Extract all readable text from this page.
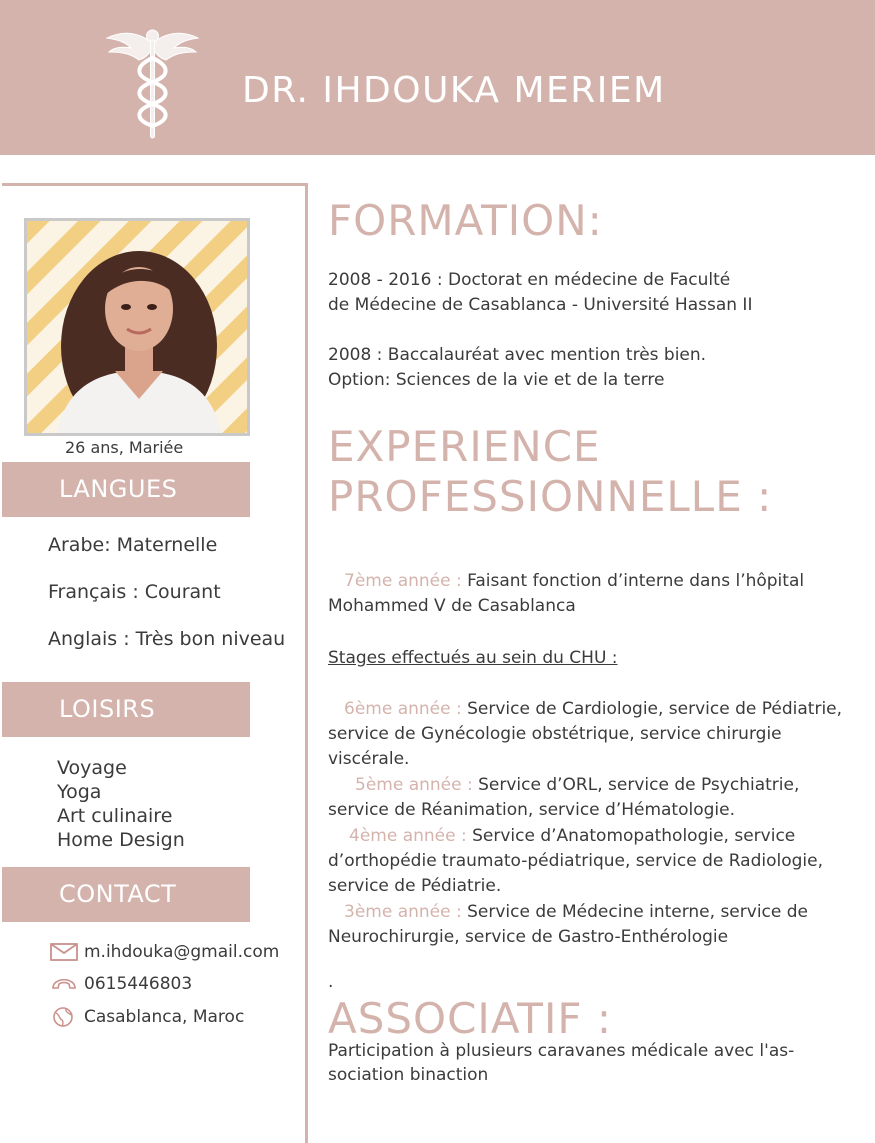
DR. IHDOUKA MERIEM
26 ans, Mariée
LANGUES
Arabe: Maternelle
Français : Courant
Anglais : Très bon niveau
LOISIRS
Voyage
Yoga
Art culinaire
Home Design
CONTACT
m.ihdouka@gmail.com
0615446803
Casablanca, Maroc
FORMATION:
2008 - 2016 : Doctorat en médecine de Faculté
de Médecine de Casablanca - Université Hassan II
2008 : Baccalauréat avec mention très bien.
Option: Sciences de la vie et de la terre
EXPERIENCE
PROFESSIONNELLE :
7ème année : Faisant fonction d’interne dans l’hôpital
Mohammed V de Casablanca
Stages effectués au sein du CHU :
6ème année : Service de Cardiologie, service de Pédiatrie,
service de Gynécologie obstétrique, service chirurgie
viscérale.
5ème année : Service d’ORL, service de Psychiatrie,
service de Réanimation, service d’Hématologie.
4ème année : Service d’Anatomopathologie, service
d’orthopédie traumato-pédiatrique, service de Radiologie,
service de Pédiatrie.
3ème année : Service de Médecine interne, service de
Neurochirurgie, service de Gastro-Enthérologie
.
ASSOCIATIF :
Participation à plusieurs caravanes médicale avec l'as-
sociation binaction
